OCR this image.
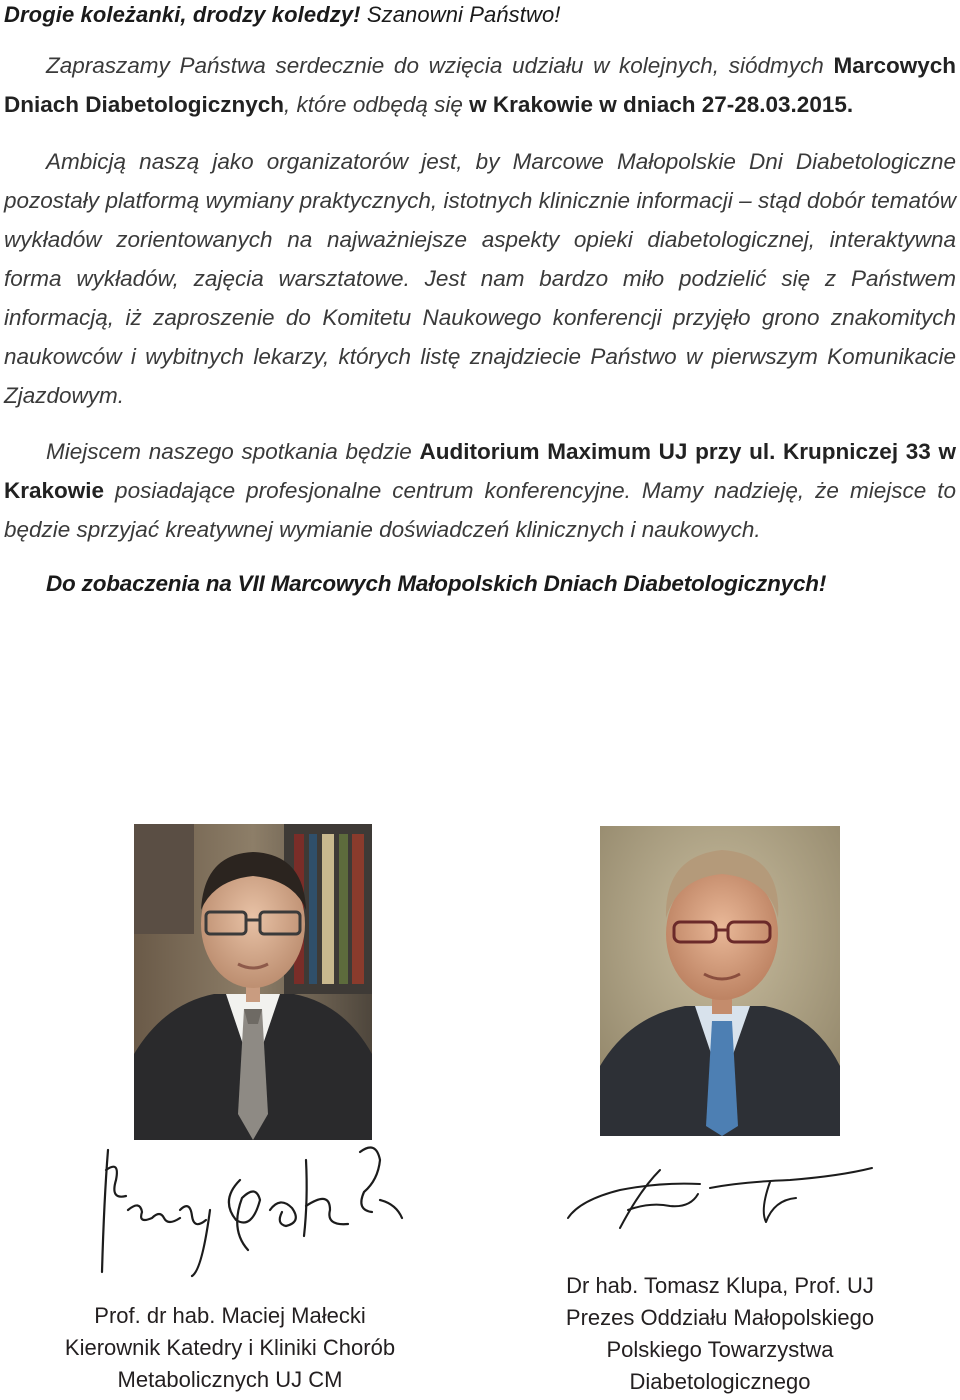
Drogie koleżanki, drodzy koledzy! Szanowni Państwo!

Zapraszamy Państwa serdecznie do wzięcia udziału w kolejnych, siódmych Marcowych Dniach Diabetologicznych, które odbędą się w Krakowie w dniach 27-28.03.2015.

Ambicją naszą jako organizatorów jest, by Marcowe Małopolskie Dni Diabetologiczne pozostały platformą wymiany praktycznych, istotnych klinicznie informacji – stąd dobór tematów wykładów zorientowanych na najważniejsze aspekty opieki diabetologicznej, interaktywna forma wykładów, zajęcia warsztatowe. Jest nam bardzo miło podzielić się z Państwem informacją, iż zaproszenie do Komitetu Naukowego konferencji przyjęło grono znakomitych naukowców i wybitnych lekarzy, których listę znajdziecie Państwo w pierwszym Komunikacie Zjazdowym.

Miejscem naszego spotkania będzie Auditorium Maximum UJ przy ul. Krupniczej 33 w Krakowie posiadające profesjonalne centrum konferencyjne. Mamy nadzieję, że miejsce to będzie sprzyjać kreatywnej wymianie doświadczeń klinicznych i naukowych.

Do zobaczenia na VII Marcowych Małopolskich Dniach Diabetologicznych!

Prof. dr hab. Maciej Małecki
Kierownik Katedry i Kliniki Chorób
Metabolicznych UJ CM
Dr hab. Tomasz Klupa, Prof. UJ
Prezes Oddziału Małopolskiego
Polskiego Towarzystwa
Diabetologicznego
